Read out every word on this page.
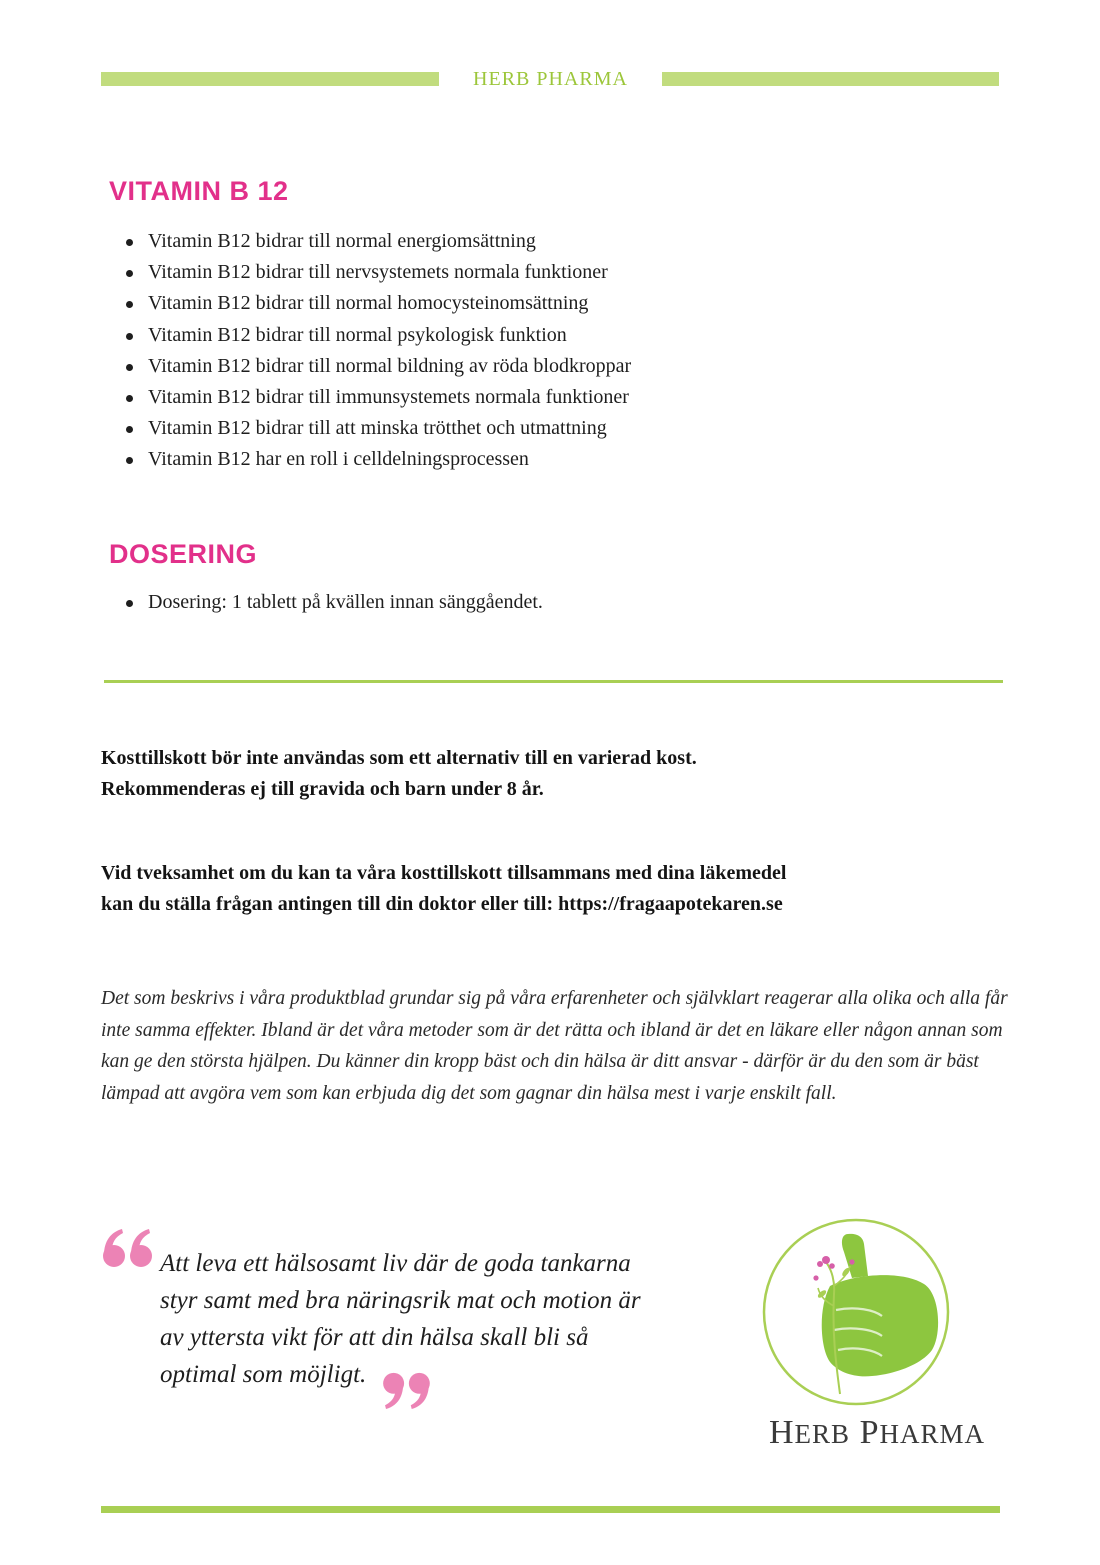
HERB PHARMA
VITAMIN B 12
Vitamin B12 bidrar till normal energiomsättning
Vitamin B12 bidrar till nervsystemets normala funktioner
Vitamin B12 bidrar till normal homocysteinomsättning
Vitamin B12 bidrar till normal psykologisk funktion
Vitamin B12 bidrar till normal bildning av röda blodkroppar
Vitamin B12 bidrar till immunsystemets normala funktioner
Vitamin B12 bidrar till att minska trötthet och utmattning
Vitamin B12 har en roll i celldelningsprocessen
DOSERING
Dosering: 1 tablett på kvällen innan sänggåendet.

Kosttillskott bör inte användas som ett alternativ till en varierad kost.
Rekommenderas ej till gravida och barn under 8 år.

Vid tveksamhet om du kan ta våra kosttillskott tillsammans med dina läkemedel
kan du ställa frågan antingen till din doktor eller till: https://fragaapotekaren.se

Det som beskrivs i våra produktblad grundar sig på våra erfarenheter och självklart reagerar alla olika och alla får inte samma effekter. Ibland är det våra metoder som är det rätta och ibland är det en läkare eller någon annan som kan ge den största hjälpen. Du känner din kropp bäst och din hälsa är ditt ansvar - därför är du den som är bäst lämpad att avgöra vem som kan erbjuda dig det som gagnar din hälsa mest i varje enskilt fall.

Att leva ett hälsosamt liv där de goda tankarna
styr samt med bra näringsrik mat och motion är
av yttersta vikt för att din hälsa skall bli så
optimal som möjligt.

HERB PHARMA
